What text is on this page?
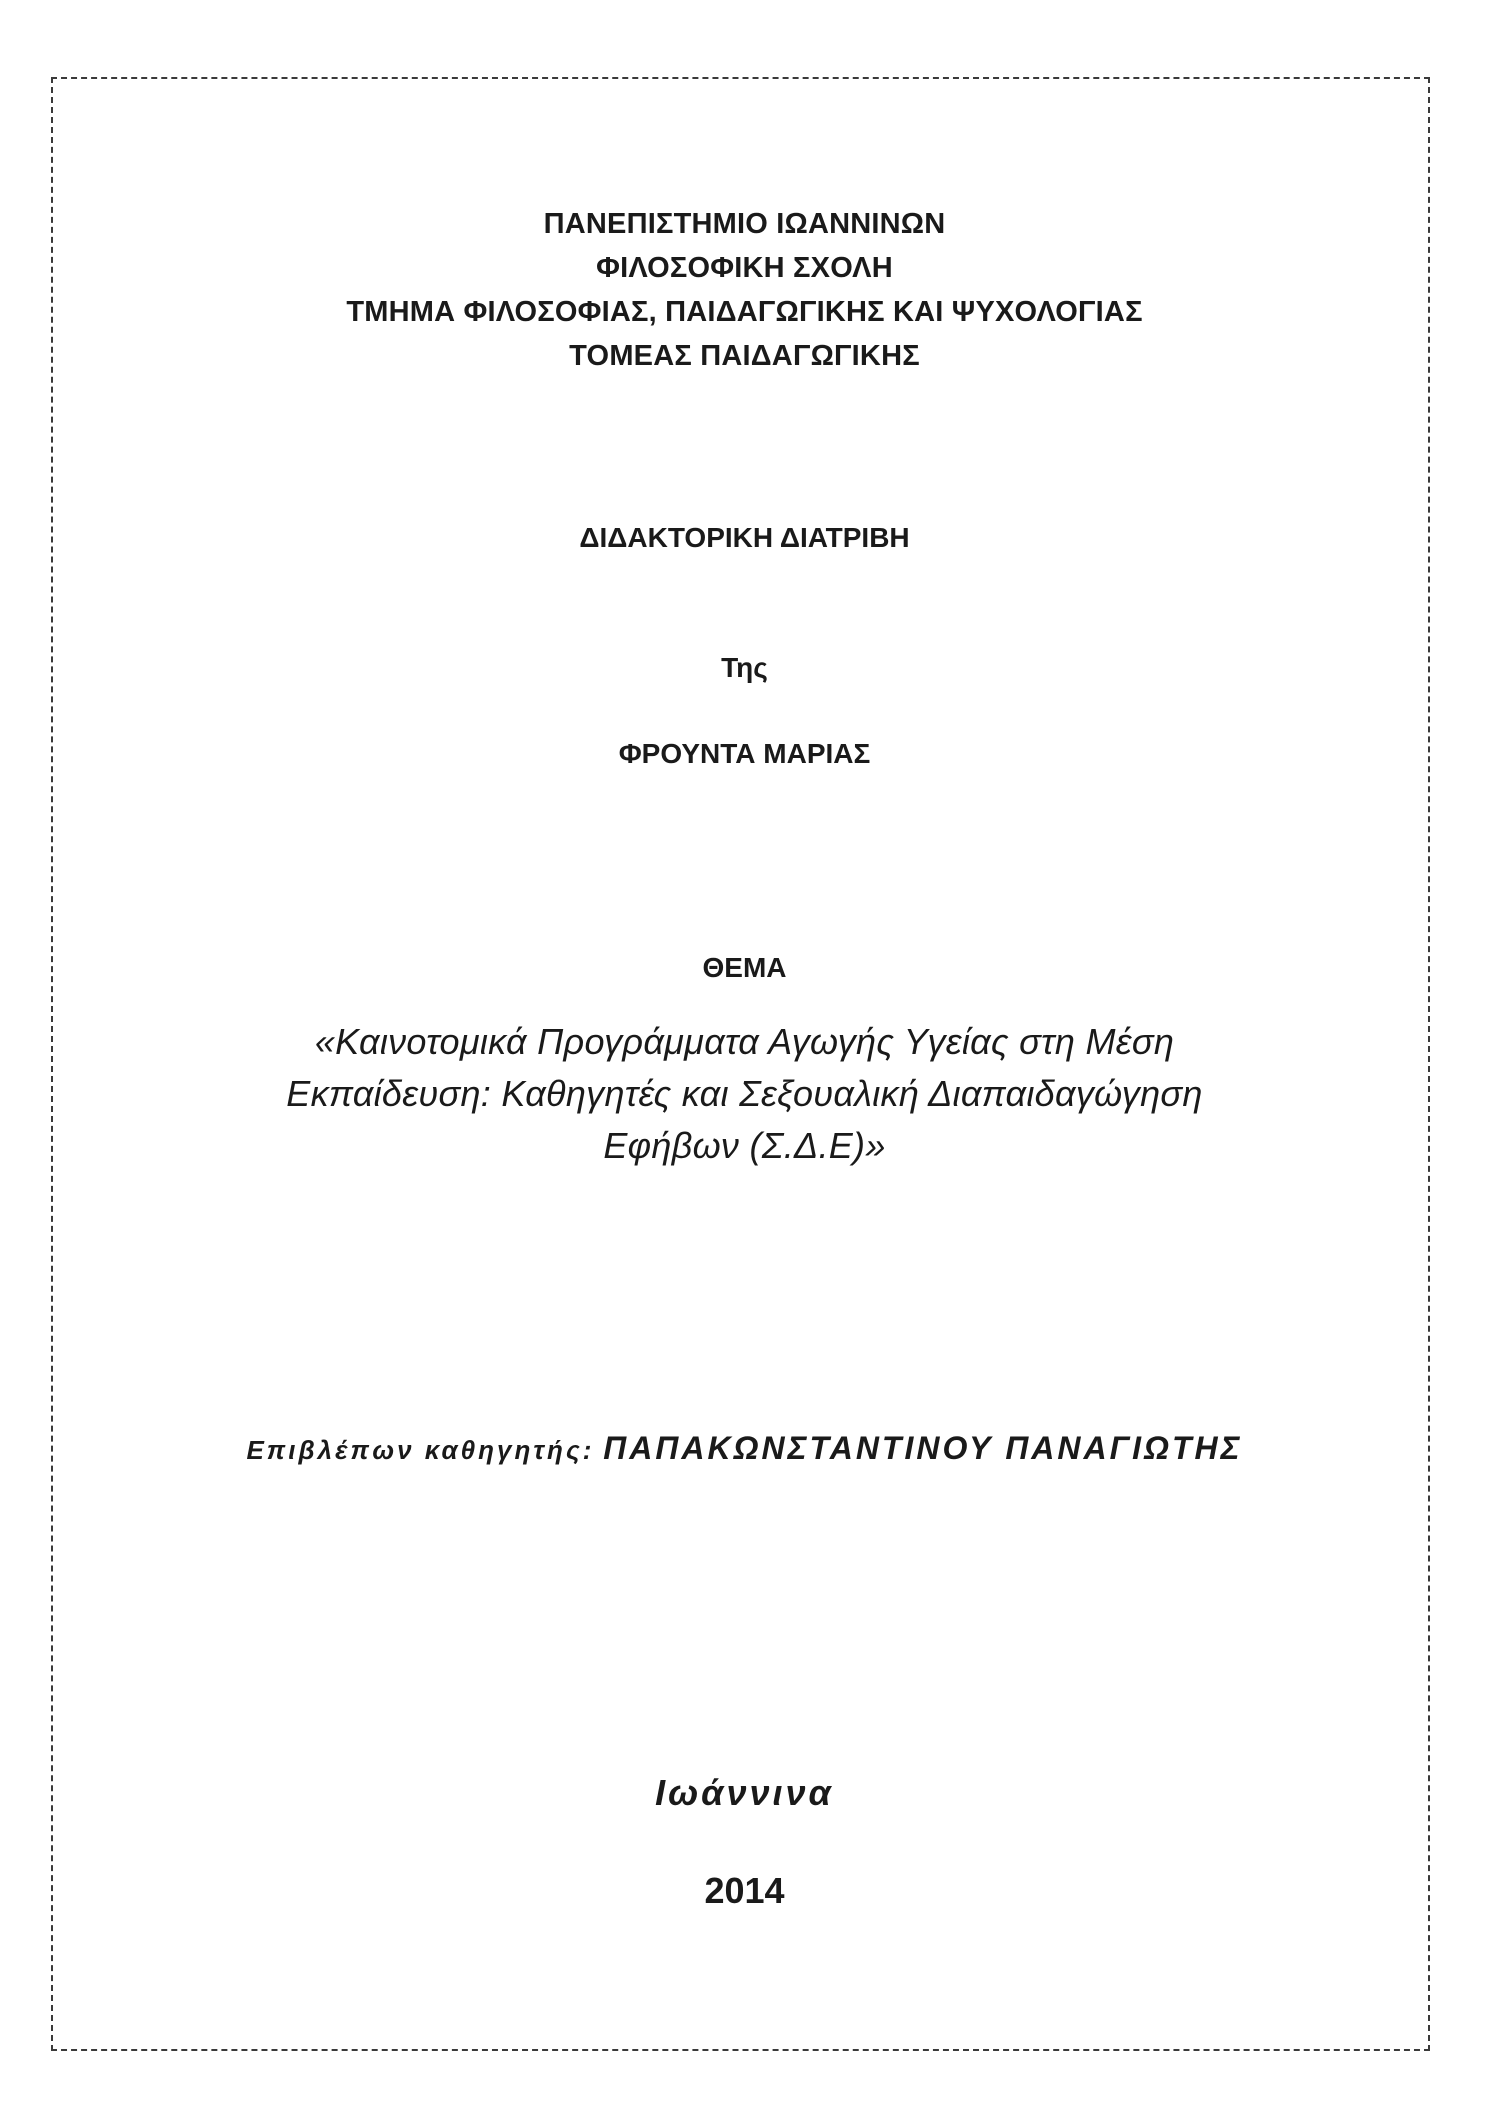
ΠΑΝΕΠΙΣΤΗΜΙΟ ΙΩΑΝΝΙΝΩΝ
ΦΙΛΟΣΟΦΙΚΗ ΣΧΟΛΗ
ΤΜΗΜΑ ΦΙΛΟΣΟΦΙΑΣ, ΠΑΙΔΑΓΩΓΙΚΗΣ ΚΑΙ ΨΥΧΟΛΟΓΙΑΣ
ΤΟΜΕΑΣ ΠΑΙΔΑΓΩΓΙΚΗΣ
ΔΙΔΑΚΤΟΡΙΚΗ ΔΙΑΤΡΙΒΗ
Της
ΦΡΟΥΝΤΑ ΜΑΡΙΑΣ
ΘΕΜΑ
«Καινοτομικά Προγράμματα Αγωγής Υγείας στη Μέση
Εκπαίδευση: Καθηγητές και Σεξουαλική Διαπαιδαγώγηση
Εφήβων (Σ.Δ.Ε)»
Επιβλέπων καθηγητής: ΠΑΠΑΚΩΝΣΤΑΝΤΙΝΟΥ ΠΑΝΑΓΙΩΤΗΣ
Ιωάννινα
2014
